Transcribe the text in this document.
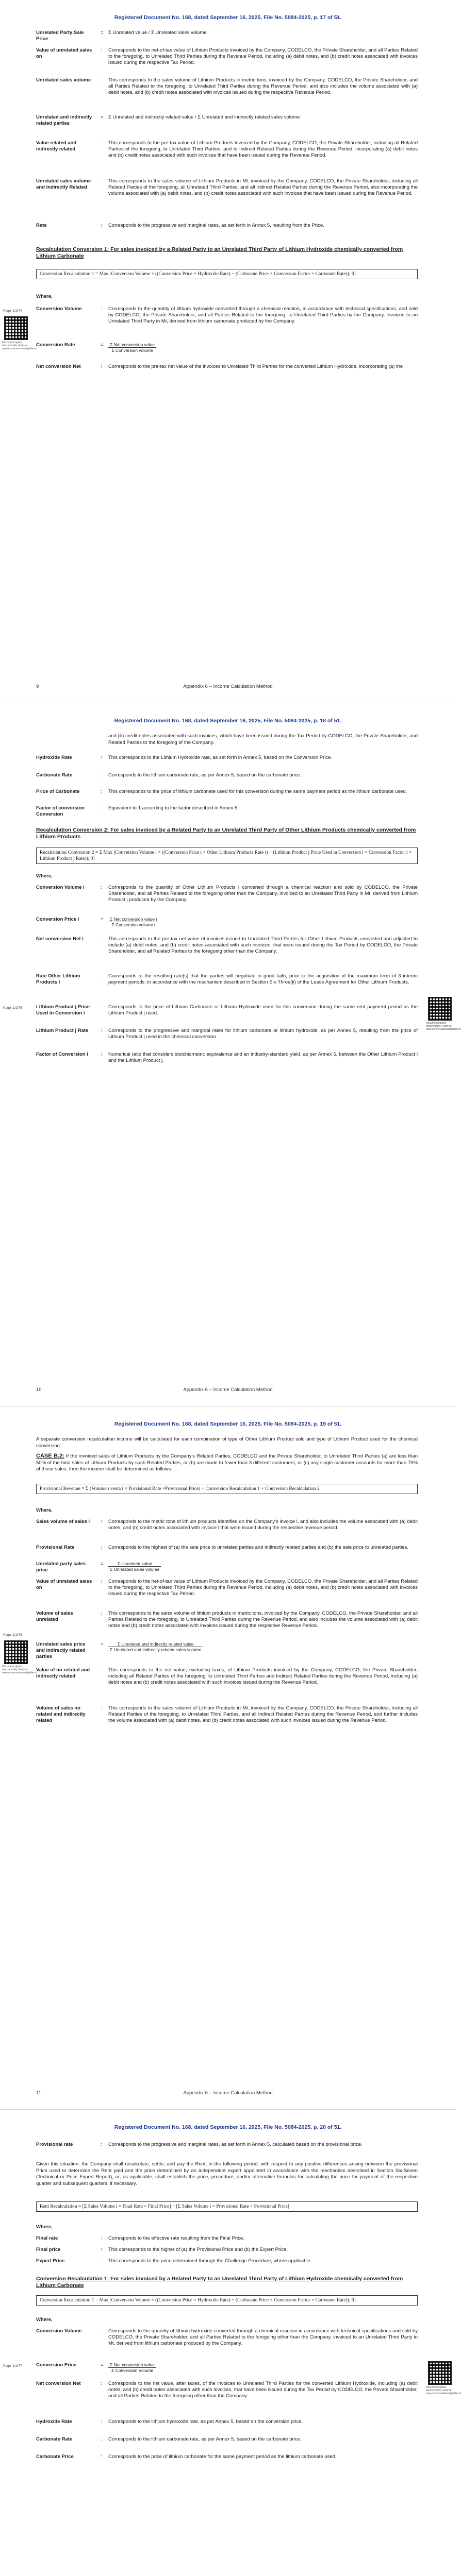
Registered Document No. 168, dated September 16, 2025, File No. 5084-2025, p. 17 of 51.
Unrelated Party Sale Price
= Σ Unrelated value / Σ Unrelated sales volume
Value of unrelated sales on
:	Corresponds to the net-of-tax value of Lithium Products invoiced by the Company, CODELCO, the Private Shareholder, and all Parties Related to the foregoing, to Unrelated Third Parties during the Revenue Period, including (a) debit notes, and (b) credit notes associated with invoices issued during the respective Tax Period.
Unrelated sales volume	:	This corresponds to the sales volume of Lithium Products in metric tons, invoiced by the Company, CODELCO, the Private Shareholder, and all Parties Related to the foregoing, to Unrelated Third Parties during the Revenue Period, and also includes the volume associated with (a) debit notes, and (b) credit notes associated with invoices issued during the respective Revenue Period.
Unrelated and indirectly related parties
= Σ Unrelated and indirectly related value / Σ Unrelated and indirectly related sales volume
Value related and indirectly related
:	This corresponds to the pre-tax value of Lithium Products invoiced by the Company, CODELCO, the Private Shareholder, including all Related Parties of the foregoing, to Unrelated Third Parties, and to Indirect Related Parties during the Revenue Period, incorporating (a) debit notes and (b) credit notes associated with such invoices that have been issued during the Revenue Period.
Unrelated sales volume and indirectly Related
:	This corresponds to the sales volume of Lithium Products in Mt, invoiced by the Company, CODELCO, the Private Shareholder, including all Related Parties of the foregoing, all Unrelated Third Parties, and all Indirect Related Parties during the Revenue Period, also incorporating the volume associated with (a) debit notes, and (b) credit notes associated with such invoices that have been issued during the Revenue Period.
Rate	:	Corresponds to the progressive and marginal rates, as set forth in Annex 5, resulting from the Price.
Recalculation Conversion 1: For sales invoiced by a Related Party to an Unrelated Third Party of Lithium Hydroxide chemically converted from Lithium Carbonate
Conversion Recalculation 1 = Max [Conversion Volume × ((Conversion Price × Hydroxide Rate) − (Carbonate Price × Conversion Factor × Carbonate Rate)); 0]
Where,
Conversion Volume	:	Corresponds to the quantity of lithium hydroxide converted through a chemical reaction, in accordance with technical specifications, and sold by CODELCO, the Private Shareholder, and all Parties Related to the foregoing, to Unrelated Third Parties by the Company, invoiced to an Unrelated Third Party in Mt, derived from lithium carbonate produced by the Company.
Conversion Rate	=	$\frac{\text{Σ Net conversion value}}{\text{Σ Conversion volume}}$
Net conversion Net	:	Corresponds to the pre-tax net value of the invoices to Unrelated Third Parties for the converted Lithium Hydroxide, incorporating (a) the
Page: 1/2/74
Document signed electronically. Verify at www.conservadoresdigitales.cl
9	Appendix 6 – Income Calculation Method
Registered Document No. 168, dated September 16, 2025, File No. 5084-2025, p. 18 of 51.
and (b) credit notes associated with such invoices, which have been issued during the Tax Period by CODELCO, the Private Shareholder, and Related Parties to the foregoing of the Company.
Hydroxide Rate	:	This corresponds to the Lithium Hydroxide rate, as set forth in Annex 5, based on the Conversion Price.
Carbonate Rate	:	Corresponds to the lithium carbonate rate, as per Annex 5, based on the carbonate price.
Price of Carbonate	:	This corresponds to the price of lithium carbonate used for this conversion during the same payment period as the lithium carbonate used.
Factor of conversion Conversion
:	Equivalent to 1 according to the factor described in Annex 5.
Recalculation Conversion 2: For sales invoiced by a Related Party to an Unrelated Third Party of Other Lithium Products chemically converted from Lithium Products
Recalculation Conversion 2 = Σ Max [Conversion Volume i × ((Conversion Price i × Other Lithium Products Rate i) − (Lithium Product j Price Used in Conversion i × Conversion Factor i × Lithium Product j Rate)); 0]
Where,
Conversion Volume i	:	Corresponds to the quantity of Other Lithium Products i converted through a chemical reaction and sold by CODELCO, the Private Shareholder, and all Parties Related to the foregoing other than the Company, invoiced to an Unrelated Third Party in Mt, derived from Lithium Product j produced by the Company.
Conversion Price i	=	$\frac{\text{Σ Net conversion value i}}{\text{Σ Conversion volume i}}$
Net conversion Net i	:	This corresponds to the pre-tax net value of invoices issued to Unrelated Third Parties for Other Lithium Products converted and adjusted to include (a) debit notes, and (b) credit notes associated with such invoices, that were issued during the Tax Period by CODELCO, the Private Shareholder, and all Related Parties to the foregoing other than the Company.
Rate Other Lithium Products i
:	Corresponds to the resulting rate(s) that the parties will negotiate in good faith, prior to the acquisition of the maximum term of 3 interim payment periods, in accordance with the mechanism described in Section Six-Three(ii) of the Lease Agreement for Other Lithium Products.
Lithium Product j Price Used in Conversion i
:	Corresponds to the price of Lithium Carbonate or Lithium Hydroxide used for this conversion during the same rent payment period as the Lithium Product j used.
Lithium Product j Rate	:	Corresponds to the progressive and marginal rates for lithium carbonate or lithium hydroxide, as per Annex 5, resulting from the price of Lithium Product j used in the chemical conversion.
Factor of Conversion i	:	Numerical ratio that considers stoichiometric equivalence and an industry-standard yield, as per Annex 5, between the Other Lithium Product i and the Lithium Product j.
Page: 1/2/75
Document signed electronically. Verify at www.conservadoresdigitales.cl
10	Appendix 6 – Income Calculation Method
Registered Document No. 168, dated September 16, 2025, File No. 5084-2025, p. 19 of 51.
A separate conversion recalculation income will be calculated for each combination of type of Other Lithium Product sold and type of Lithium Product used for the chemical conversion.
CASE B.2: If the invoiced sales of Lithium Products by the Company's Related Parties, CODELCO and the Private Shareholder, to Unrelated Third Parties (a) are less than 50% of the total sales of Lithium Products by such Related Parties, or (b) are made to fewer than 3 different customers, or (c) any single customer accounts for more than 70% of those sales, then the income shall be determined as follows:
Provisional Revenue = Σ (Volumen venta i × Provisional Rate ×Provisional Price) + Conversion Recalculation 1 + Conversion Recalculation 2
Where,
Sales volume of sales i	:	Corresponds to the metric tons of lithium products identified on the Company's invoice i, and also includes the volume associated with (a) debit notes, and (b) credit notes associated with invoice i that were issued during the respective revenue period.
Provisional Rate	:	Corresponds to the highest of (a) the sale price to unrelated parties and indirectly related parties and (b) the sale price to unrelated parties.
Unrelated party sales price
=	$\frac{\text{Σ Unrelated value}}{\text{Σ Unrelated sales volume}}$
Value of unrelated sales on
:	Corresponds to the net-of-tax value of Lithium Products invoiced by the Company, CODELCO, the Private Shareholder, and all Parties Related to the foregoing, to Unrelated Third Parties during the Revenue Period, including (a) debit notes, and (b) credit notes associated with invoices issued during the respective Tax Period.
Volume of sales unrelated
:	This corresponds to the sales volume of lithium products in metric tons, invoiced by the Company, CODELCO, the Private Shareholder, and all Parties Related to the foregoing, to Unrelated Third Parties during the Revenue Period, and also includes the volume associated with (a) debit notes and (b) credit notes associated with invoices issued during the respective Revenue Period.
Unrelated sales price and indirectly related parties
=	$\frac{\text{Σ Unrelated and indirectly related value}}{\text{Σ Unrelated and indirectly related sales volume}}$
Value of no related and indirectly related
:	This corresponds to the net value, excluding taxes, of Lithium Products invoiced by the Company, CODELCO, the Private Shareholder, including all Related Parties of the foregoing, to Unrelated Third Parties and Indirect Related Parties during the Revenue Period, including (a) debit notes and (b) credit notes associated with such invoices issued during the Revenue Period.
Volume of sales no related and indirectly related
:	This corresponds to the sales volume of Lithium Products in Mt, invoiced by the Company, CODELCO, the Private Shareholder, including all Related Parties of the foregoing, to Unrelated Third Parties, and all Indirect Related Parties during the Revenue Period, and further includes the volume associated with (a) debit notes, and (b) credit notes associated with such invoices issued during the Revenue Period.
Page: 1/2/76
Document signed electronically. Verify at www.conservadoresdigitales.cl
11	Appendix 6 – Income Calculation Method
Registered Document No. 168, dated September 16, 2025, File No. 5084-2025, p. 20 of 51.
Provisional rate	:	Corresponds to the progressive and marginal rates, as set forth in Annex 5, calculated based on the provisional price.
Given this situation, the Company shall recalculate, settle, and pay the Rent, in the following period, with respect to any positive differences arising between the provisional Price used to determine the Rent paid and the price determined by an independent expert appointed in accordance with the mechanism described in Section Six-Seven (Technical or Price Expert Report), or, as applicable, shall establish the price, procedure, and/or alternative formulas for calculating the price for payment of the respective quarter and subsequent quarters, if necessary.
Rent Recalculation = [Σ Sales Volume i × Final Rate × Final Price] − [Σ Sales Volume i × Provisional Rate × Provisional Price]
Where,
Final rate	:	Corresponds to the effective rate resulting from the Final Price.
Final price	:	This corresponds to the higher of (a) the Provisional Price and (b) the Expert Price.
Expert Price	:	This corresponds to the price determined through the Challenge Procedure, where applicable.
Conversion Recalculation 1: For sales invoiced by a Related Party to an Unrelated Third Party of Lithium Hydroxide chemically converted from Lithium Carbonate
Conversion Recalculation 1 = Max [Conversion Volume × ((Conversion Price × Hydroxide Rate) − (Carbonate Price × Conversion Factor × Carbonate Rate)); 0]
Where,
Conversion Volume	:	Corresponds to the quantity of lithium hydroxide converted through a chemical reaction in accordance with technical specifications and sold by CODELCO, the Private Shareholder, and all Parties Related to the foregoing other than the Company, invoiced to an Unrelated Third Party in Mt, derived from lithium carbonate produced by the Company.
Conversion Price	=	$\frac{\text{Σ Net conversion value}}{\text{Σ Conversion Volume}}$
Net conversion Net	:	Corresponds to the net value, after taxes, of the invoices to Unrelated Third Parties for the converted Lithium Hydroxide, including (a) debit notes, and (b) credit notes associated with such invoices, that have been issued during the Tax Period by CODELCO, the Private Shareholder, and all Parties Related to the foregoing other than the Company.
Hydroxide Rate	:	Corresponds to the lithium hydroxide rate, as per Annex 5, based on the conversion price.
Carbonate Rate	:	Corresponds to the lithium carbonate rate, as per Annex 5, based on the carbonate price.
Carbonate Price	:	Corresponds to the price of lithium carbonate for the same payment period as the lithium carbonate used.
Page: 1/2/77
Document signed electronically. Verify at www.conservadoresdigitales.cl
